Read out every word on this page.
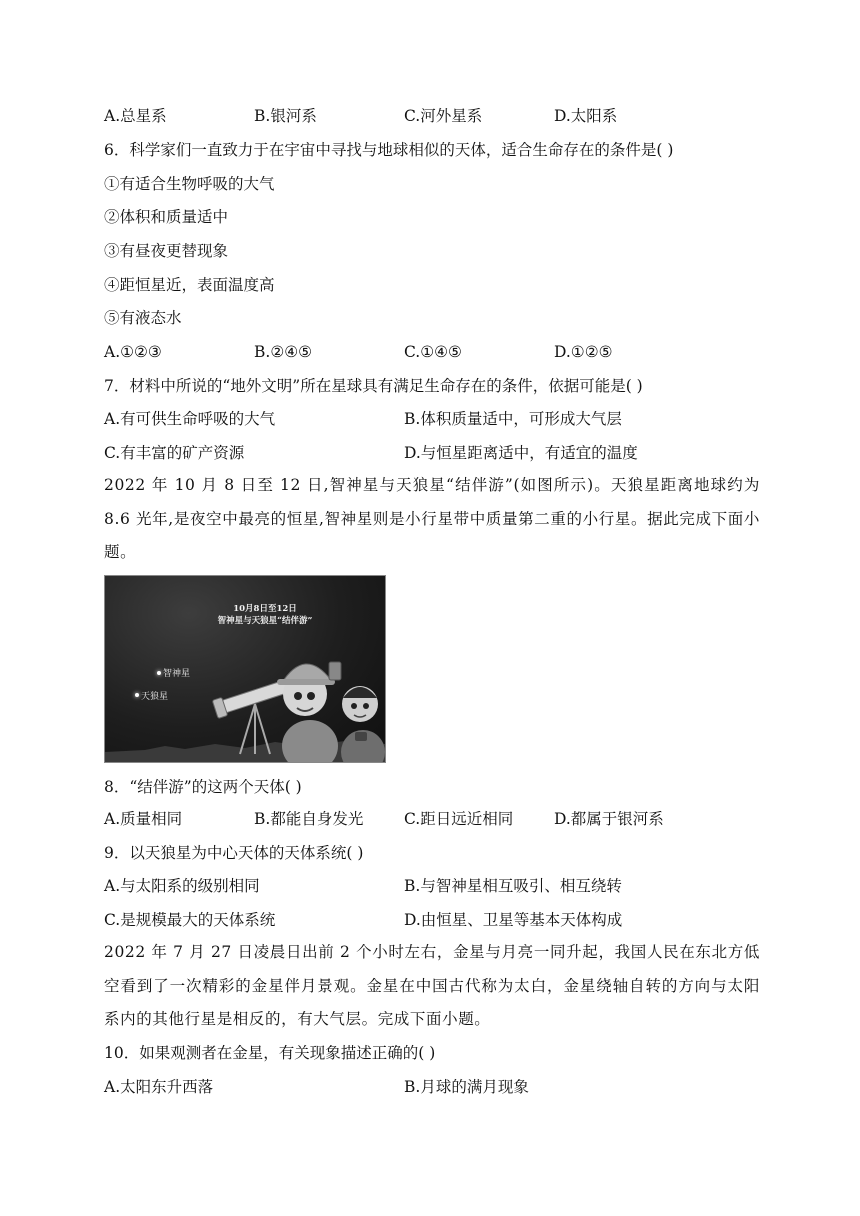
A.总星系	B.银河系	C.河外星系	D.太阳系
6．科学家们一直致力于在宇宙中寻找与地球相似的天体，适合生命存在的条件是( )
①有适合生物呼吸的大气
②体积和质量适中
③有昼夜更替现象
④距恒星近，表面温度高
⑤有液态水
A.①②③	B.②④⑤	C.①④⑤	D.①②⑤
7．材料中所说的“地外文明”所在星球具有满足生命存在的条件，依据可能是( )
A.有可供生命呼吸的大气	B.体积质量适中，可形成大气层
C.有丰富的矿产资源	D.与恒星距离适中，有适宜的温度
2022 年 10 月 8 日至 12 日,智神星与天狼星“结伴游”(如图所示)。天狼星距离地球约为 8.6 光年,是夜空中最亮的恒星,智神星则是小行星带中质量第二重的小行星。据此完成下面小题。
10月8日至12日
智神星与天狼星“结伴游”
智神星
天狼星
8．“结伴游”的这两个天体( )
A.质量相同	B.都能自身发光	C.距日远近相同	D.都属于银河系
9．以天狼星为中心天体的天体系统( )
A.与太阳系的级别相同	B.与智神星相互吸引、相互绕转
C.是规模最大的天体系统	D.由恒星、卫星等基本天体构成
2022 年 7 月 27 日凌晨日出前 2 个小时左右，金星与月亮一同升起，我国人民在东北方低空看到了一次精彩的金星伴月景观。金星在中国古代称为太白，金星绕轴自转的方向与太阳系内的其他行星是相反的，有大气层。完成下面小题。
10．如果观测者在金星，有关现象描述正确的( )
A.太阳东升西落	B.月球的满月现象
